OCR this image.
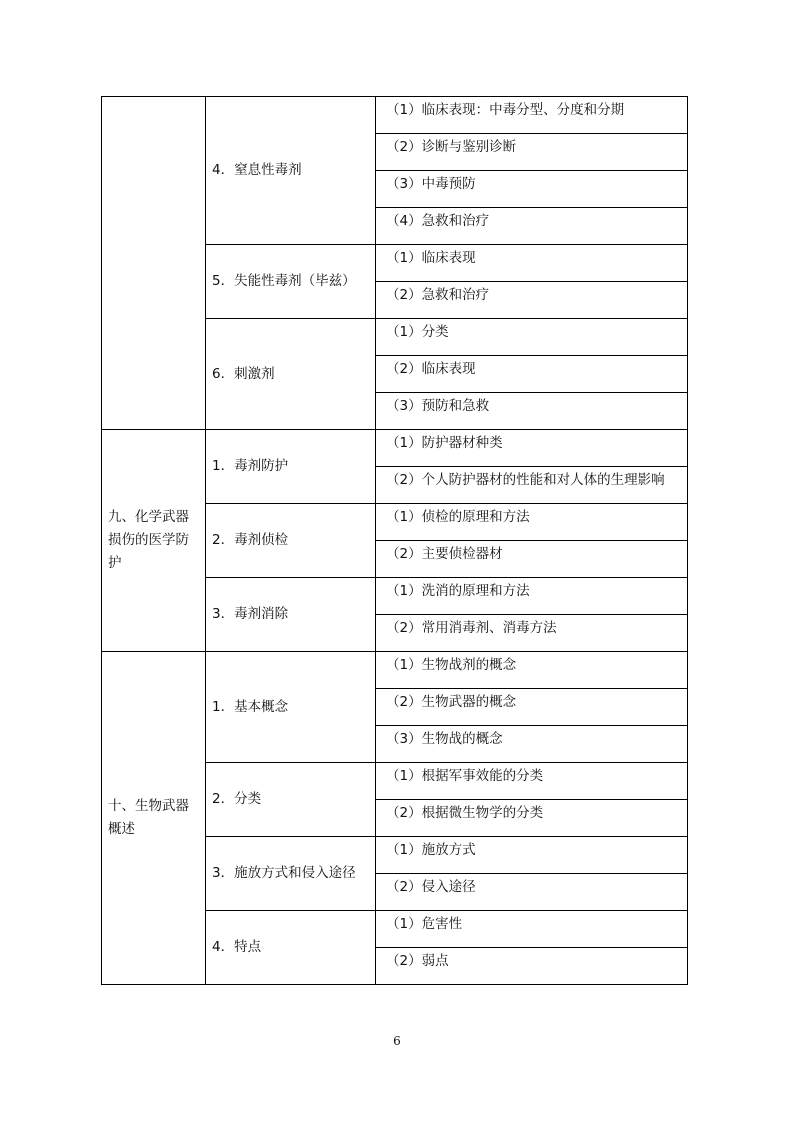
	4．窒息性毒剂	（1）临床表现：中毒分型、分度和分期

		（2）诊断与鉴别诊断

		（3）中毒预防

		（4）急救和治疗

	5．失能性毒剂（毕兹）	（1）临床表现

		（2）急救和治疗

	6．刺激剂	（1）分类

		（2）临床表现

		（3）预防和急救

九、化学武器损伤的医学防护	1．毒剂防护	（1）防护器材种类

		（2）个人防护器材的性能和对人体的生理影响

	2．毒剂侦检	（1）侦检的原理和方法

		（2）主要侦检器材

	3．毒剂消除	（1）洗消的原理和方法

		（2）常用消毒剂、消毒方法

十、生物武器概述	1．基本概念	（1）生物战剂的概念

		（2）生物武器的概念

		（3）生物战的概念

	2．分类	（1）根据军事效能的分类

		（2）根据微生物学的分类

	3．施放方式和侵入途径	（1）施放方式

		（2）侵入途径

	4．特点	（1）危害性

		（2）弱点
6
